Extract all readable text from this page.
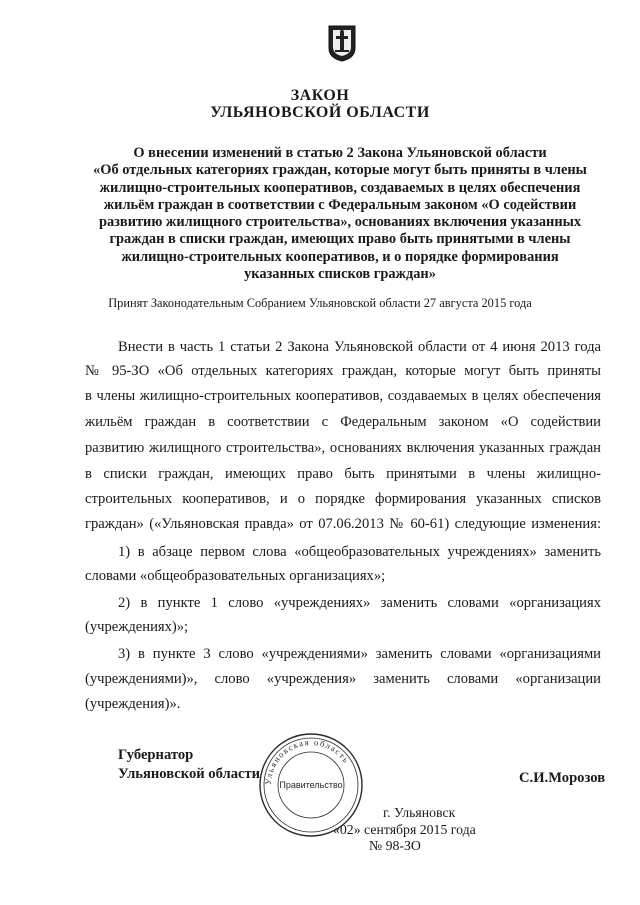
ЗАКОН
УЛЬЯНОВСКОЙ ОБЛАСТИ
О внесении изменений в статью 2 Закона Ульяновской области
«Об отдельных категориях граждан, которые могут быть приняты в члены
жилищно-строительных кооперативов, создаваемых в целях обеспечения
жильём граждан в соответствии с Федеральным законом «О содействии
развитию жилищного строительства», основаниях включения указанных
граждан в списки граждан, имеющих право быть принятыми в члены
жилищно-строительных кооперативов, и о порядке формирования
указанных списков граждан»
Принят Законодательным Собранием Ульяновской области 27 августа 2015 года
Внести в часть 1 статьи 2 Закона Ульяновской области от 4 июня 2013 года
№ 95-ЗО «Об отдельных категориях граждан, которые могут быть приняты
в члены жилищно-строительных кооперативов, создаваемых в целях обеспечения
жильём граждан в соответствии с Федеральным законом «О содействии
развитию жилищного строительства», основаниях включения указанных граждан
в списки граждан, имеющих право быть принятыми в члены жилищно-
строительных кооперативов, и о порядке формирования указанных списков
граждан» («Ульяновская правда» от 07.06.2013 № 60-61) следующие изменения:
1) в абзаце первом слова «общеобразовательных учреждениях» заменить
словами «общеобразовательных организациях»;
2) в пункте 1 слово «учреждениях» заменить словами «организациях
(учреждениях)»;
3) в пункте 3 слово «учреждениями» заменить словами «организациями
(учреждениями)», слово «учреждения» заменить словами «организации
(учреждения)».
Губернатор
Ульяновской области Ульяновская область
Правительство	С.И.Морозов
г. Ульяновск
«02» сентября 2015 года
№ 98-ЗО
